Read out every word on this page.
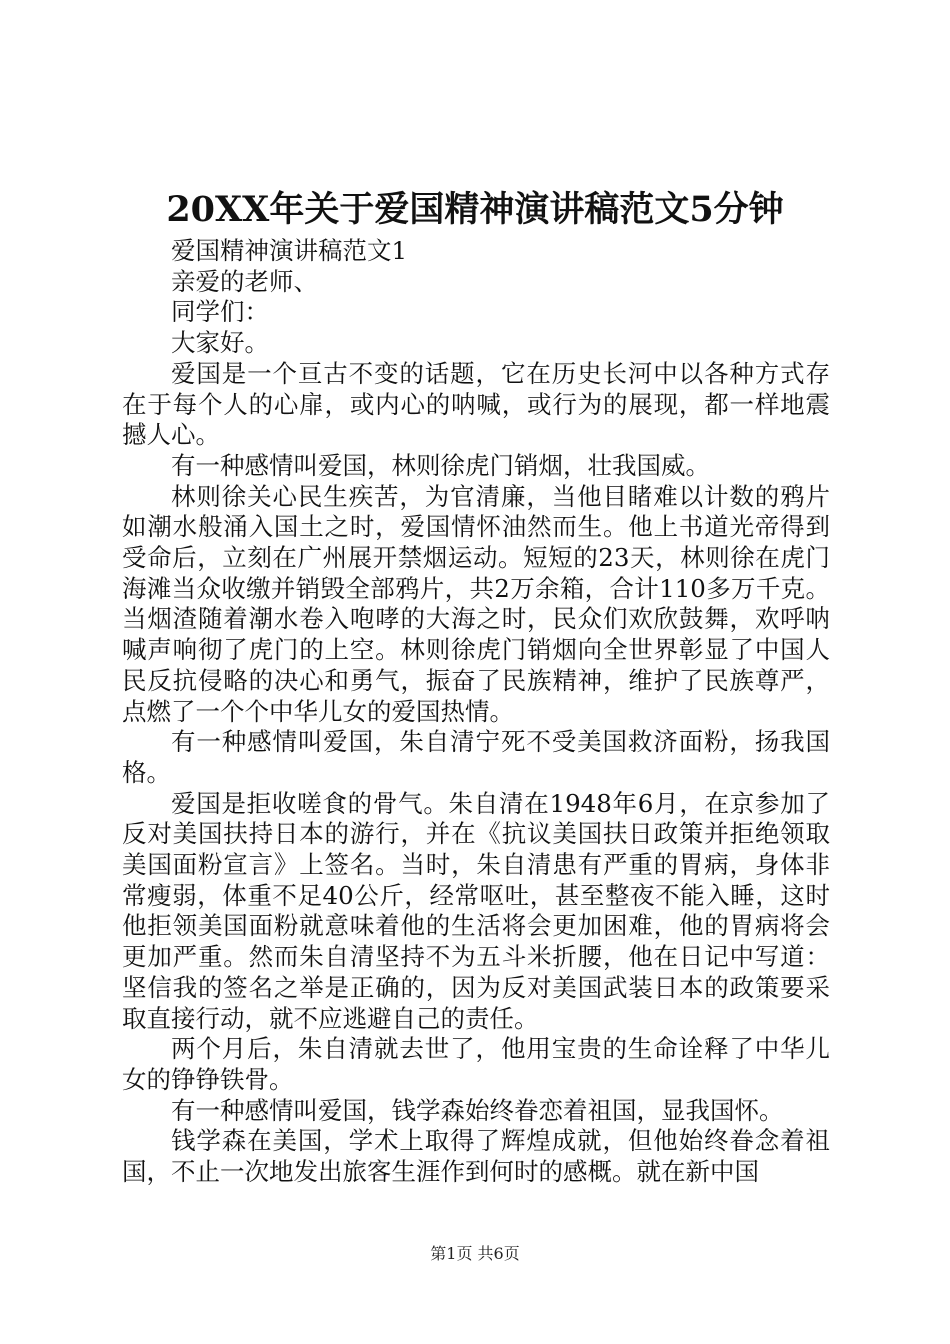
20XX年关于爱国精神演讲稿范文5分钟

爱国精神演讲稿范文1

亲爱的老师、

同学们：

大家好。

爱国是一个亘古不变的话题，它在历史长河中以各种方式存在于每个人的心扉，或内心的呐喊，或行为的展现，都一样地震撼人心。

有一种感情叫爱国，林则徐虎门销烟，壮我国威。

林则徐关心民生疾苦，为官清廉，当他目睹难以计数的鸦片如潮水般涌入国土之时，爱国情怀油然而生。他上书道光帝得到受命后，立刻在广州展开禁烟运动。短短的23天，林则徐在虎门海滩当众收缴并销毁全部鸦片，共2万余箱，合计110多万千克。当烟渣随着潮水卷入咆哮的大海之时，民众们欢欣鼓舞，欢呼呐喊声响彻了虎门的上空。林则徐虎门销烟向全世界彰显了中国人民反抗侵略的决心和勇气，振奋了民族精神，维护了民族尊严，点燃了一个个中华儿女的爱国热情。

有一种感情叫爱国，朱自清宁死不受美国救济面粉，扬我国格。

爱国是拒收嗟食的骨气。朱自清在1948年6月，在京参加了反对美国扶持日本的游行，并在《抗议美国扶日政策并拒绝领取美国面粉宣言》上签名。当时，朱自清患有严重的胃病，身体非常瘦弱，体重不足40公斤，经常呕吐，甚至整夜不能入睡，这时他拒领美国面粉就意味着他的生活将会更加困难，他的胃病将会更加严重。然而朱自清坚持不为五斗米折腰，他在日记中写道：坚信我的签名之举是正确的，因为反对美国武装日本的政策要采取直接行动，就不应逃避自己的责任。

两个月后，朱自清就去世了，他用宝贵的生命诠释了中华儿女的铮铮铁骨。

有一种感情叫爱国，钱学森始终眷恋着祖国，显我国怀。

钱学森在美国，学术上取得了辉煌成就，但他始终眷念着祖国，不止一次地发出旅客生涯作到何时的感概。就在新中国

第1页 共6页
